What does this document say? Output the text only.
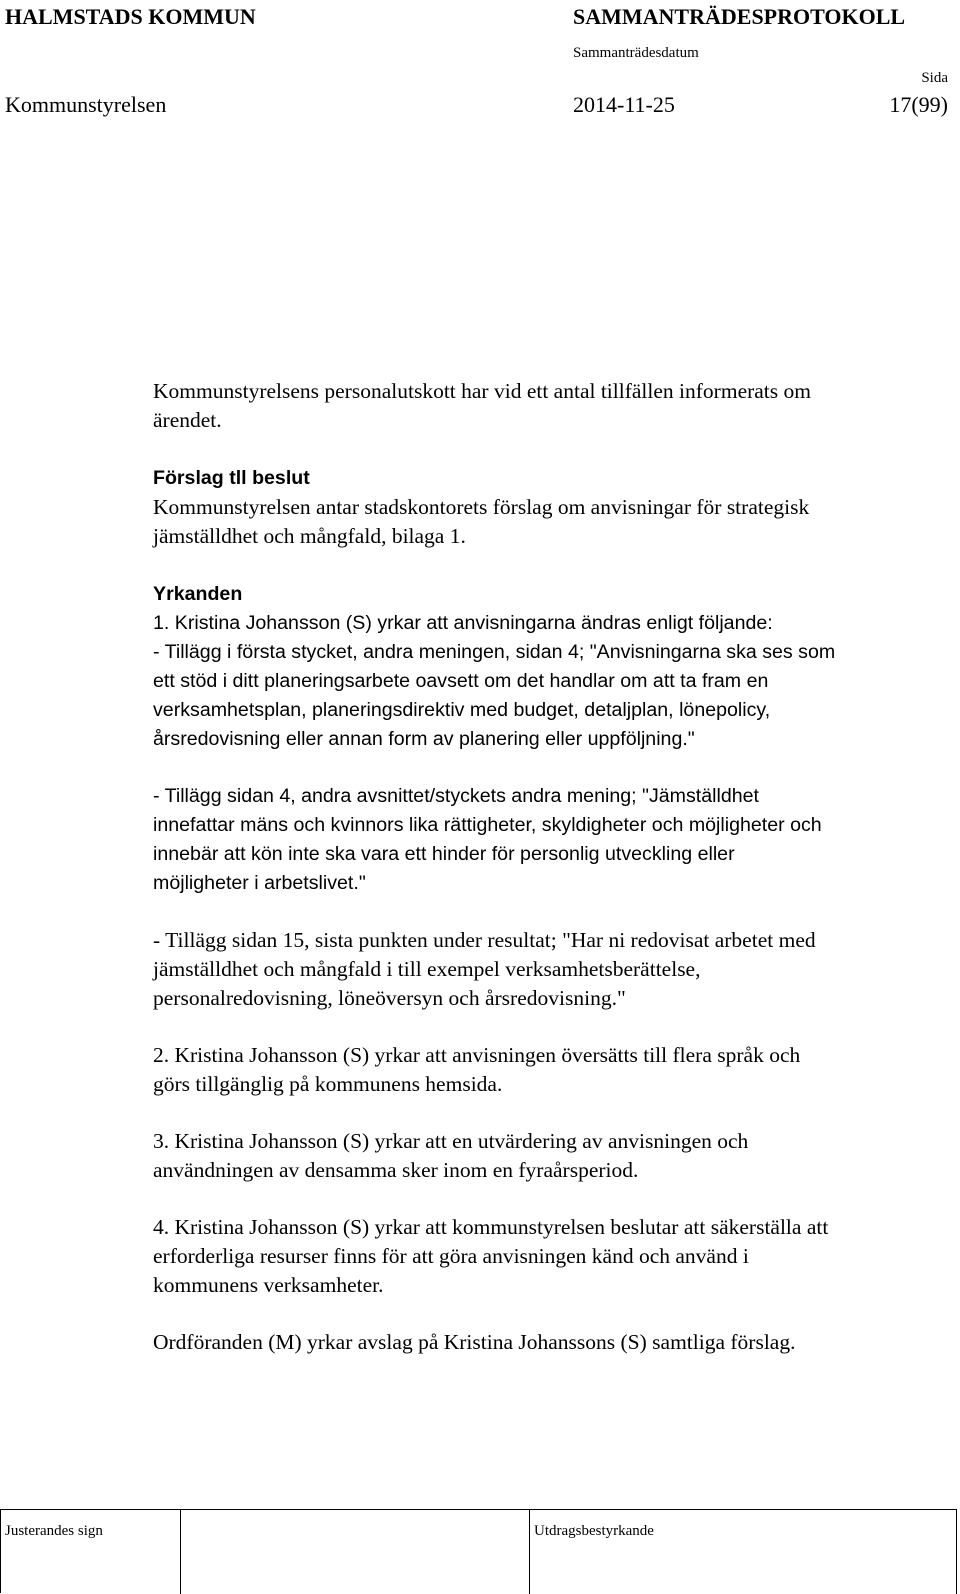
HALMSTADS KOMMUN	SAMMANTRÄDESPROTOKOLL
Sammanträdesdatum
Sida
Kommunstyrelsen	2014-11-25	17(99)

Kommunstyrelsens personalutskott har vid ett antal tillfällen informerats om

ärendet.

Förslag tll beslut

Kommunstyrelsen antar stadskontorets förslag om anvisningar för strategisk

jämställdhet och mångfald, bilaga 1.

Yrkanden

1. Kristina Johansson (S) yrkar att anvisningarna ändras enligt följande:

- Tillägg i första stycket, andra meningen, sidan 4; "Anvisningarna ska ses som

ett stöd i ditt planeringsarbete oavsett om det handlar om att ta fram en

verksamhetsplan, planeringsdirektiv med budget, detaljplan, lönepolicy,

årsredovisning eller annan form av planering eller uppföljning."

- Tillägg sidan 4, andra avsnittet/styckets andra mening; "Jämställdhet

innefattar mäns och kvinnors lika rättigheter, skyldigheter och möjligheter och

innebär att kön inte ska vara ett hinder för personlig utveckling eller

möjligheter i arbetslivet."

- Tillägg sidan 15, sista punkten under resultat; "Har ni redovisat arbetet med

jämställdhet och mångfald i till exempel verksamhetsberättelse,

personalredovisning, löneöversyn och årsredovisning."

2. Kristina Johansson (S) yrkar att anvisningen översätts till flera språk och

görs tillgänglig på kommunens hemsida.

3. Kristina Johansson (S) yrkar att en utvärdering av anvisningen och

användningen av densamma sker inom en fyraårsperiod.

4. Kristina Johansson (S) yrkar att kommunstyrelsen beslutar att säkerställa att

erforderliga resurser finns för att göra anvisningen känd och använd i

kommunens verksamheter.

Ordföranden (M) yrkar avslag på Kristina Johanssons (S) samtliga förslag.

Justerandes sign	Utdragsbestyrkande
